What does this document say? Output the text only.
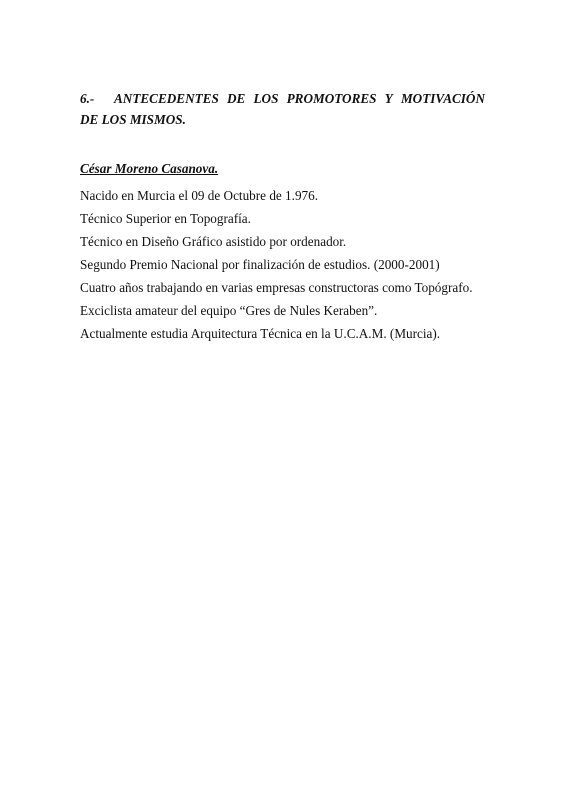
6.-	ANTECEDENTES DE LOS PROMOTORES Y MOTIVACIÓN
DE LOS MISMOS.
César Moreno Casanova.
Nacido en Murcia el 09 de Octubre de 1.976.
Técnico Superior en Topografía.
Técnico en Diseño Gráfico asistido por ordenador.
Segundo Premio Nacional por finalización de estudios. (2000-2001)
Cuatro años trabajando en varias empresas constructoras como Topógrafo.
Exciclista amateur del equipo “Gres de Nules Keraben”.
Actualmente estudia Arquitectura Técnica en la U.C.A.M. (Murcia).
